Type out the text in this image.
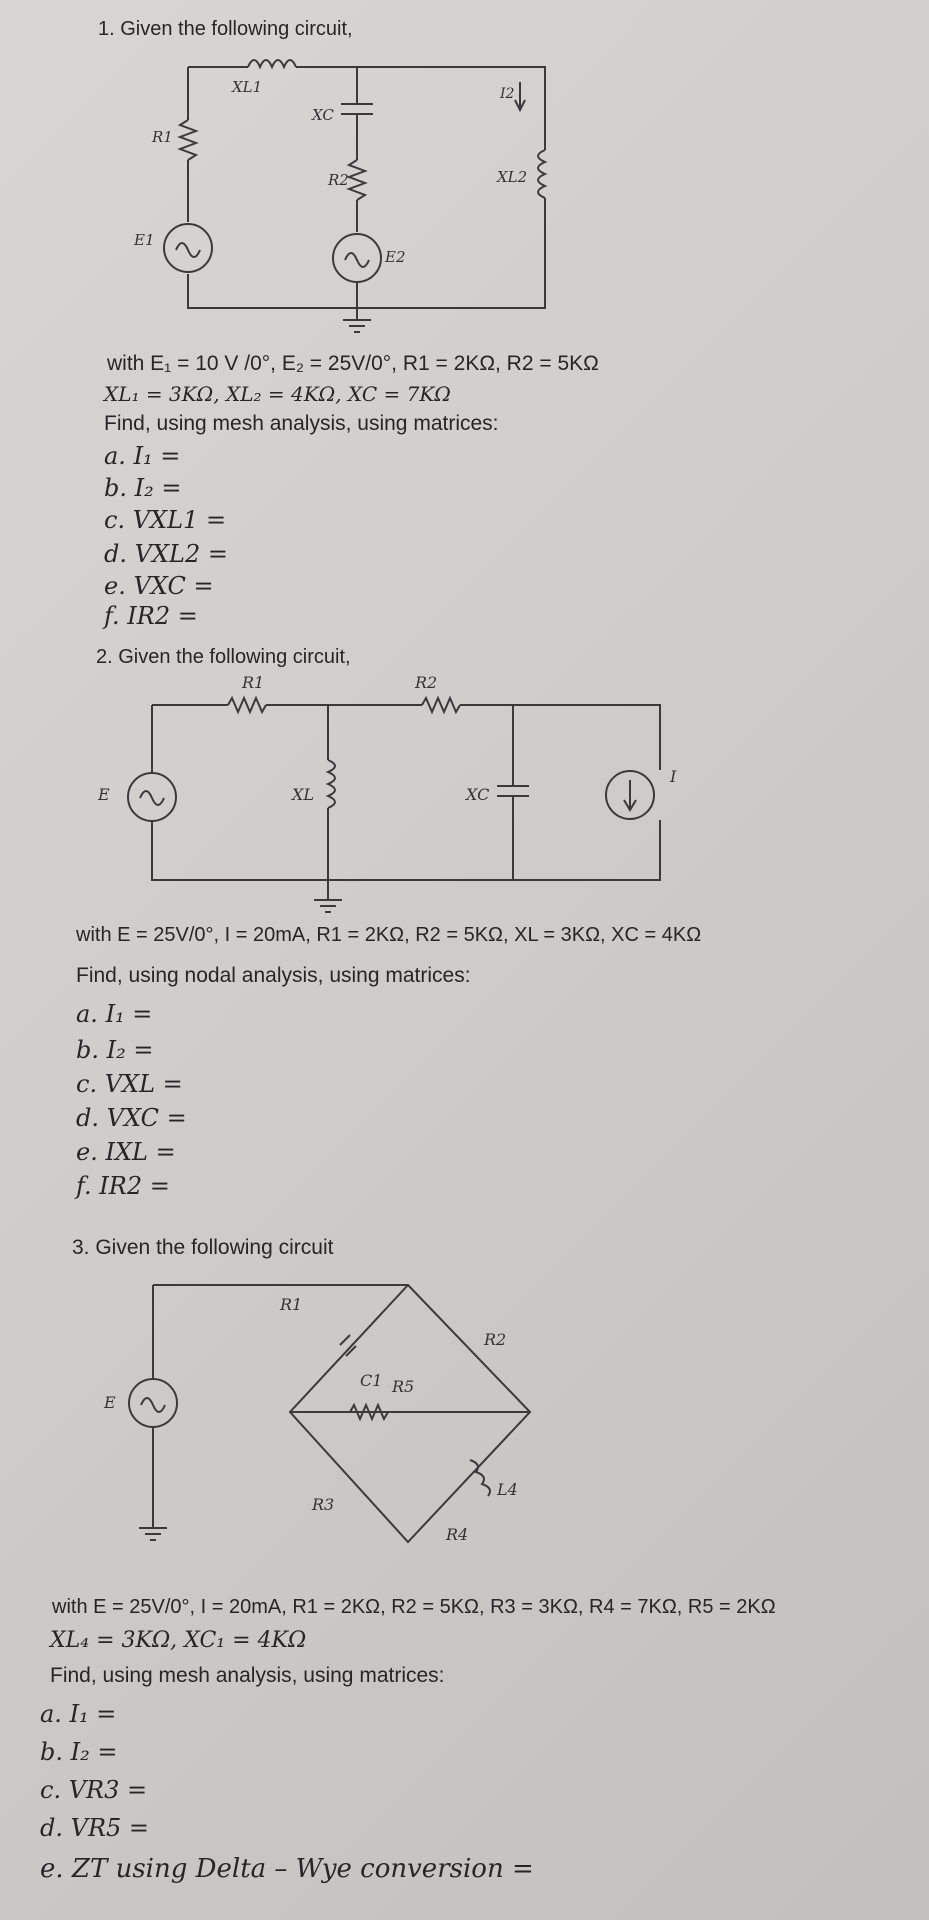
1. Given the following circuit,
XL1
XC
R1
R2
E1
E2
I2
XL2
R1	R2
E	XL	XC
I
R1
R2
R3
R4
R5
C1
L4
E
with E₁ = 10 V /0°, E₂ = 25V/0°, R1 = 2KΩ, R2 = 5KΩ
XL₁ = 3KΩ, XL₂ = 4KΩ, XC = 7KΩ
Find, using mesh analysis, using matrices:
a. I₁ =
b. I₂ =
c. VXL1 =
d. VXL2 =
e. VXC =
f. IR2 =
2. Given the following circuit,
with E = 25V/0°, I = 20mA, R1 = 2KΩ, R2 = 5KΩ, XL = 3KΩ, XC = 4KΩ
Find, using nodal analysis, using matrices:
a. I₁ =
b. I₂ =
c. VXL =
d. VXC =
e. IXL =
f. IR2 =
3. Given the following circuit
with E = 25V/0°, I = 20mA, R1 = 2KΩ, R2 = 5KΩ, R3 = 3KΩ, R4 = 7KΩ, R5 = 2KΩ
XL₄ = 3KΩ, XC₁ = 4KΩ
Find, using mesh analysis, using matrices:
a. I₁ =
b. I₂ =
c. VR3 =
d. VR5 =
e. ZT using Delta – Wye conversion =
